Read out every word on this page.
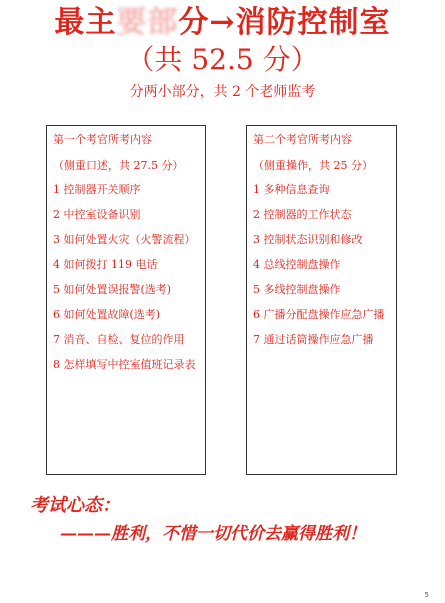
最主要部分→消防控制室
（共 52.5 分）
分两小部分，共 2 个老师监考
第一个考官所考内容
（侧重口述，共 27.5 分）
1 控制器开关顺序
2 中控室设备识别
3 如何处置火灾（火警流程）
4 如何拨打 119 电话
5 如何处置误报警(选考)
6 如何处置故障(选考)
7 消音、自检、复位的作用
8 怎样填写中控室值班记录表
第二个考官所考内容
（侧重操作，共 25 分）
1 多种信息查询
2 控制器的工作状态
3 控制状态识别和修改
4 总线控制盘操作
5 多线控制盘操作
6 广播分配盘操作应急广播
7 通过话筒操作应急广播
考试心态：
———胜利，不惜一切代价去赢得胜利！
5
